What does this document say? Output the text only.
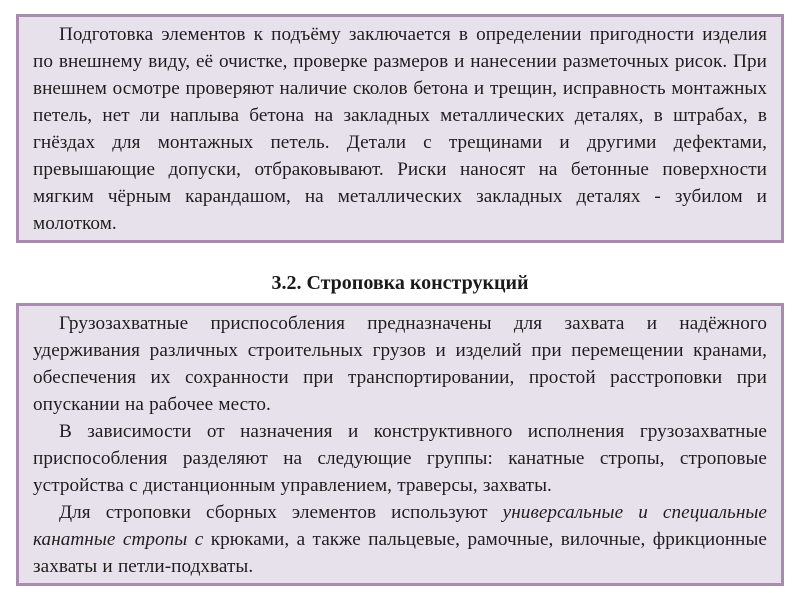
Подготовка элементов к подъёму заключается в определении пригодности изделия по внешнему виду, её очистке, проверке размеров и нанесении разметочных рисок. При внешнем осмотре проверяют наличие сколов бетона и трещин, исправность монтажных петель, нет ли наплыва бетона на закладных металлических деталях, в штрабах, в гнёздах для монтажных петель. Детали с трещинами и другими дефектами, превышающие допуски, отбраковывают. Риски наносят на бетонные поверхности мягким чёрным карандашом, на металлических закладных деталях - зубилом и молотком.

3.2. Строповка конструкций

Грузозахватные приспособления предназначены для захвата и надёжного удерживания различных строительных грузов и изделий при перемещении кранами, обеспечения их сохранности при транспортировании, простой расстроповки при опускании на рабочее место.

В зависимости от назначения и конструктивного исполнения грузозахватные приспособления разделяют на следующие группы: канатные стропы, строповые устройства с дистанционным управлением, траверсы, захваты.

Для строповки сборных элементов используют универсальные и специальные канатные стропы с крюками, а также пальцевые, рамочные, вилочные, фрикционные захваты и петли-подхваты.
